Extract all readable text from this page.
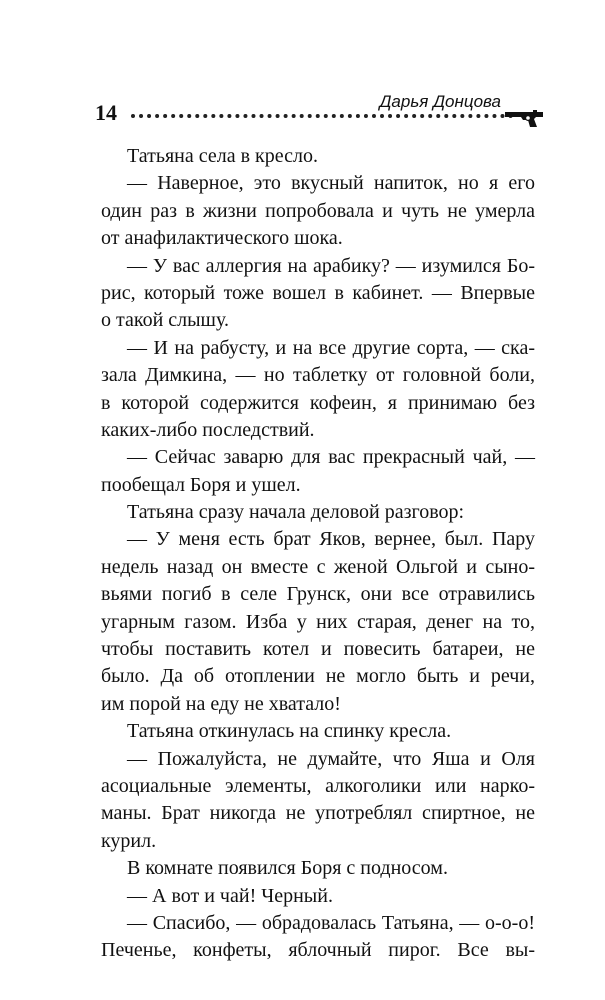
14	Дарья Донцова
Татьяна села в кресло.
— Наверное, это вкусный напиток, но я его
один раз в жизни попробовала и чуть не умерла
от анафилактического шока.
— У вас аллергия на арабику? — изумился Бо-
рис, который тоже вошел в кабинет. — Впервые
о такой слышу.
— И на рабусту, и на все другие сорта, — ска-
зала Димкина, — но таблетку от головной боли,
в которой содержится кофеин, я принимаю без
каких-либо последствий.
— Сейчас заварю для вас прекрасный чай, —
пообещал Боря и ушел.
Татьяна сразу начала деловой разговор:
— У меня есть брат Яков, вернее, был. Пару
недель назад он вместе с женой Ольгой и сыно-
вьями погиб в селе Грунск, они все отравились
угарным газом. Изба у них старая, денег на то,
чтобы поставить котел и повесить батареи, не
было. Да об отоплении не могло быть и речи,
им порой на еду не хватало!
Татьяна откинулась на спинку кресла.
— Пожалуйста, не думайте, что Яша и Оля
асоциальные элементы, алкоголики или нарко-
маны. Брат никогда не употреблял спиртное, не
курил.
В комнате появился Боря с подносом.
— А вот и чай! Черный.
— Спасибо, — обрадовалась Татьяна, — о-о-о!
Печенье, конфеты, яблочный пирог. Все вы-
